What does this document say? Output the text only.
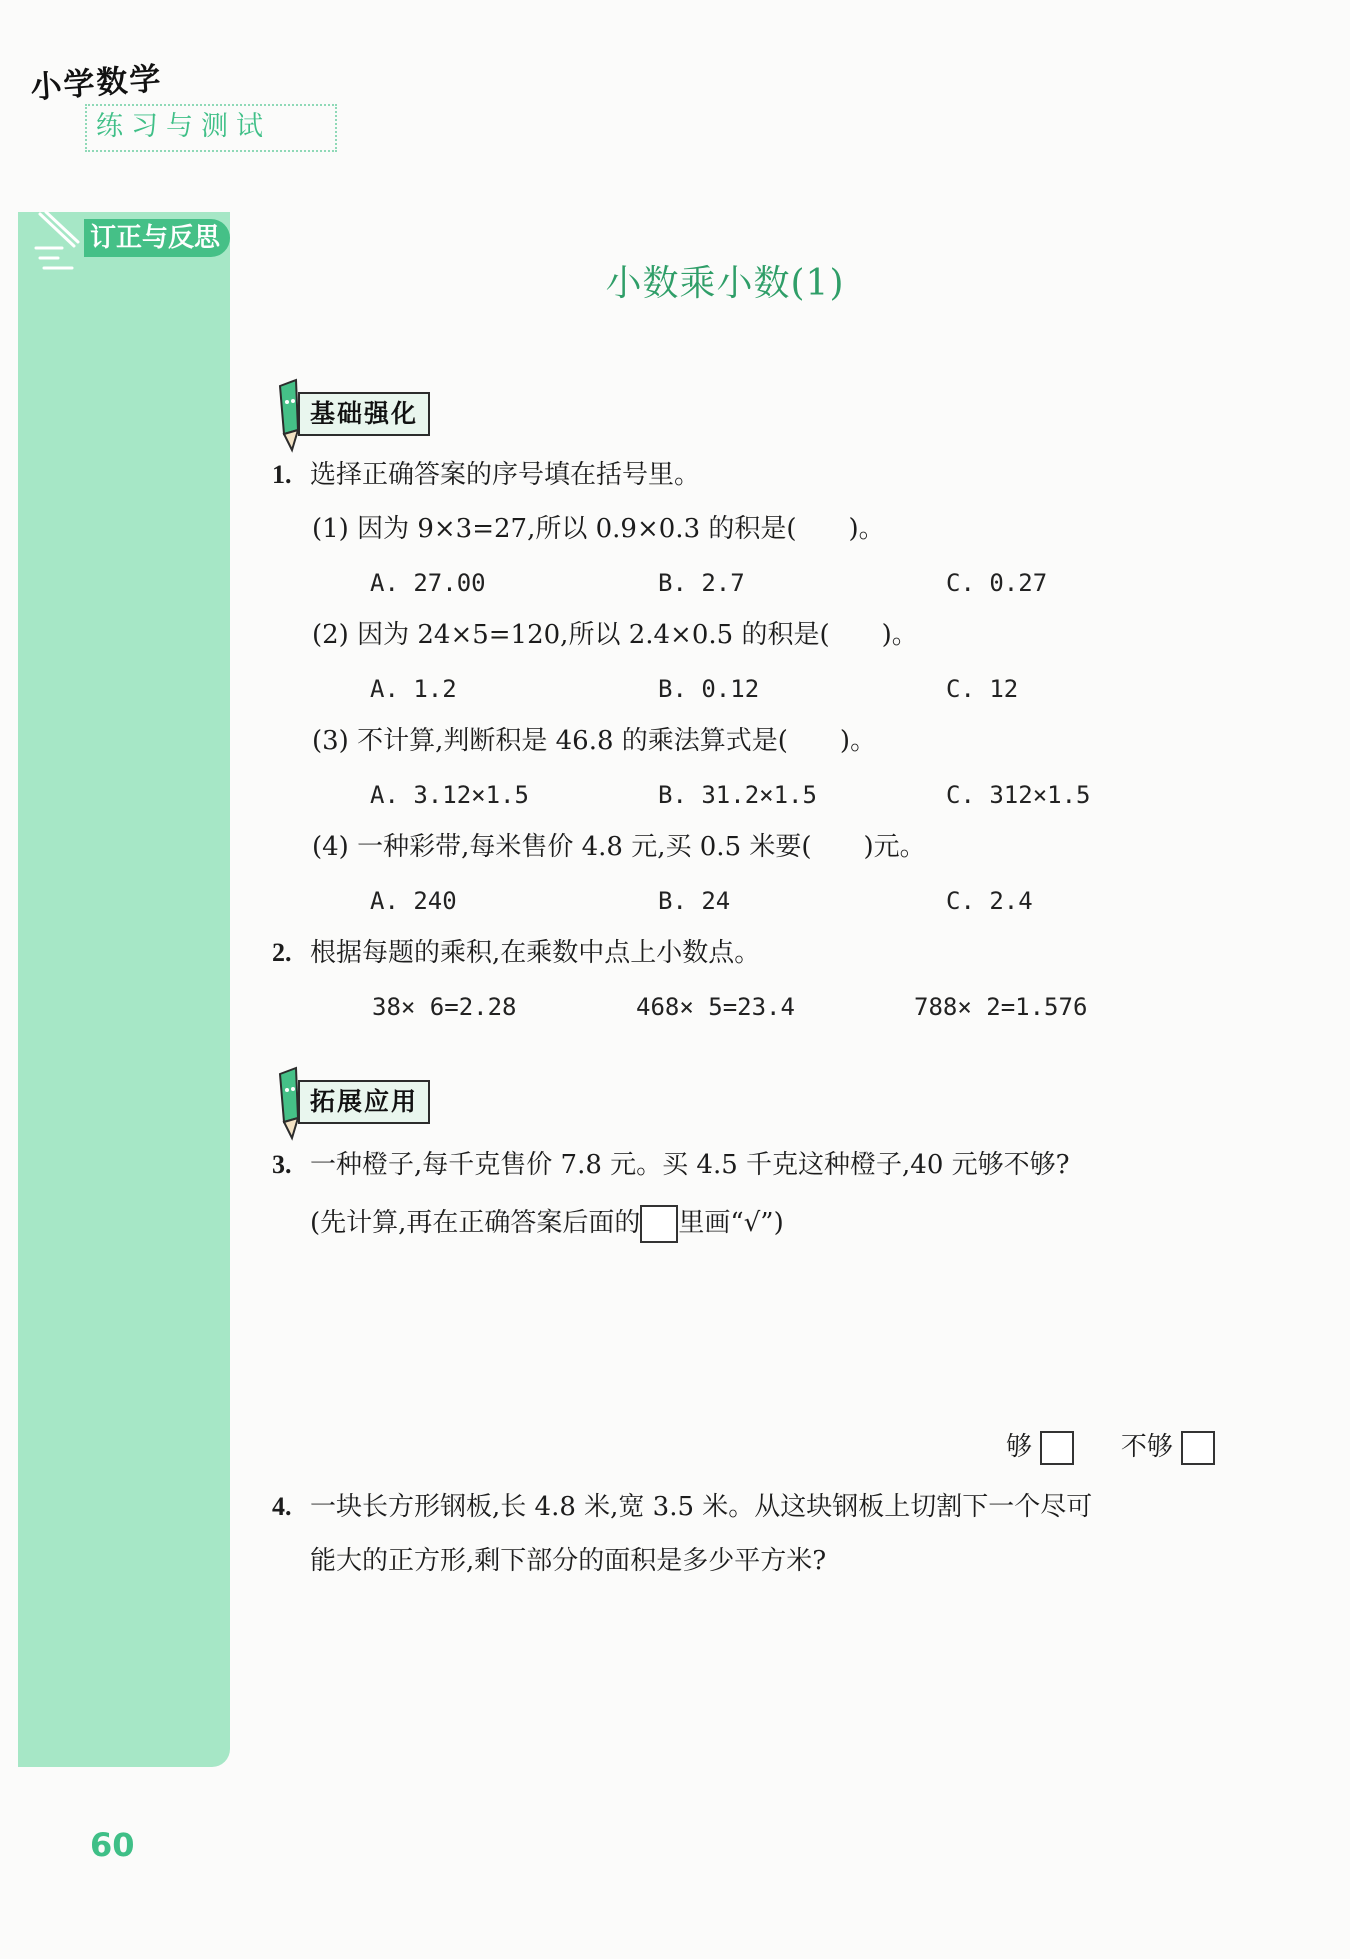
小学数学
练习与测试
订正与反思
小数乘小数(1)
基础强化
1. 选择正确答案的序号填在括号里。
(1) 因为 9×3=27,所以 0.9×0.3 的积是(　　)。
A. 27.00	B. 2.7	C. 0.27
(2) 因为 24×5=120,所以 2.4×0.5 的积是(　　)。
A. 1.2	B. 0.12	C. 12
(3) 不计算,判断积是 46.8 的乘法算式是(　　)。
A. 3.12×1.5	B. 31.2×1.5	C. 312×1.5
(4) 一种彩带,每米售价 4.8 元,买 0.5 米要(　　)元。
A. 240	B. 24	C. 2.4
2. 根据每题的乘积,在乘数中点上小数点。
38× 6=2.28	468× 5=23.4	788× 2=1.576
拓展应用
3. 一种橙子,每千克售价 7.8 元。买 4.5 千克这种橙子,40 元够不够?
(先计算,再在正确答案后面的 里画“√”)
够	不够
4. 一块长方形钢板,长 4.8 米,宽 3.5 米。从这块钢板上切割下一个尽可
能大的正方形,剩下部分的面积是多少平方米?
60
